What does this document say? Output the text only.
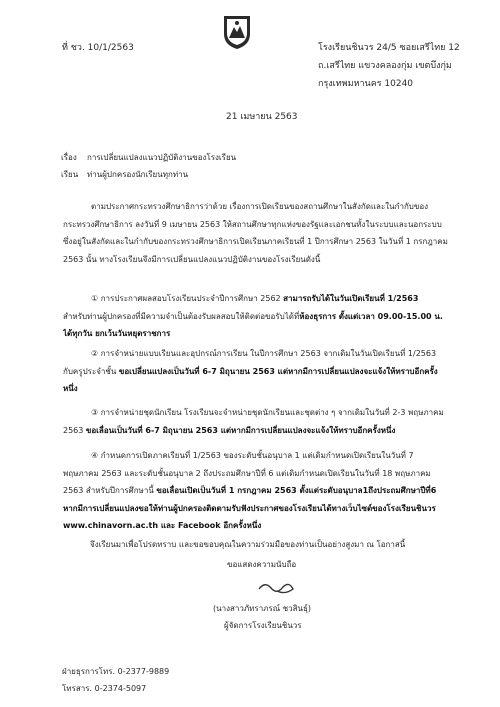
ที่ ชว. 10/1/2563	โรงเรียนชินวร 24/5 ซอยเสรีไทย 12
ถ.เสรีไทย แขวงคลองกุ่ม เขตบึงกุ่ม
กรุงเทพมหานคร 10240
21 เมษายน 2563
เรื่อง การเปลี่ยนแปลงแนวปฏิบัติงานของโรงเรียน
เรียน ท่านผู้ปกครองนักเรียนทุกท่าน
ตามประกาศกระทรวงศึกษาธิการว่าด้วย เรื่องการเปิดเรียนของสถานศึกษาในสังกัดและในกำกับของ
กระทรวงศึกษาธิการ ลงวันที่ 9 เมษายน 2563 ให้สถานศึกษาทุกแห่งของรัฐและเอกชนทั้งในระบบและนอกระบบ
ซึ่งอยู่ในสังกัดและในกำกับของกระทรวงศึกษาธิการเปิดเรียนภาคเรียนที่ 1 ปีการศึกษา 2563 ในวันที่ 1 กรกฎาคม
2563 นั้น ทางโรงเรียนจึงมีการเปลี่ยนแปลงแนวปฏิบัติงานของโรงเรียนดังนี้
① การประกาศผลสอบโรงเรียนประจำปีการศึกษา 2562 สามารถรับได้ในวันเปิดเรียนที่ 1/2563
สำหรับท่านผู้ปกครองที่มีความจำเป็นต้องรับผลสอบให้ติดต่อขอรับได้ที่ห้องธุรการ ตั้งแต่เวลา 09.00-15.00 น.
ได้ทุกวัน ยกเว้นวันหยุดราชการ
② การจำหน่ายแบบเรียนและอุปกรณ์การเรียน ในปีการศึกษา 2563 จากเดิมในวันเปิดเรียนที่ 1/2563
กับครูประจำชั้น ขอเปลี่ยนแปลงเป็นวันที่ 6-7 มิถุนายน 2563 แต่หากมีการเปลี่ยนแปลงจะแจ้งให้ทราบอีกครั้ง
หนึ่ง
③ การจำหน่ายชุดนักเรียน โรงเรียนจะจำหน่ายชุดนักเรียนและชุดต่าง ๆ จากเดิมในวันที่ 2-3 พฤษภาคม
2563 ขอเลื่อนเป็นวันที่ 6-7 มิถุนายน 2563 แต่หากมีการเปลี่ยนแปลงจะแจ้งให้ทราบอีกครั้งหนึ่ง
④ กำหนดการเปิดภาคเรียนที่ 1/2563 ของระดับชั้นอนุบาล 1 แต่เดิมกำหนดเปิดเรียนในวันที่ 7
พฤษภาคม 2563 และระดับชั้นอนุบาล 2 ถึงประถมศึกษาปีที่ 6 แต่เดิมกำหนดเปิดเรียนในวันที่ 18 พฤษภาคม
2563 สำหรับปีการศึกษานี้ ขอเลื่อนเปิดเป็นวันที่ 1 กรกฎาคม 2563 ตั้งแต่ระดับอนุบาล1ถึงประถมศึกษาปีที่6
หากมีการเปลี่ยนแปลงขอให้ท่านผู้ปกครองติดตามรับฟังประกาศของโรงเรียนได้ทางเว็บไซต์ของโรงเรียนชินวร
www.chinavorn.ac.th และ Facebook อีกครั้งหนึ่ง
จึงเรียนมาเพื่อโปรดทราบ และขอขอบคุณในความร่วมมือของท่านเป็นอย่างสูงมา ณ โอกาสนี้
ขอแสดงความนับถือ
(นางสาวภัทราภรณ์ ชวสินธุ์)
ผู้จัดการโรงเรียนชินวร
ฝ่ายธุรการโทร. 0-2377-9889
โทรสาร. 0-2374-5097
